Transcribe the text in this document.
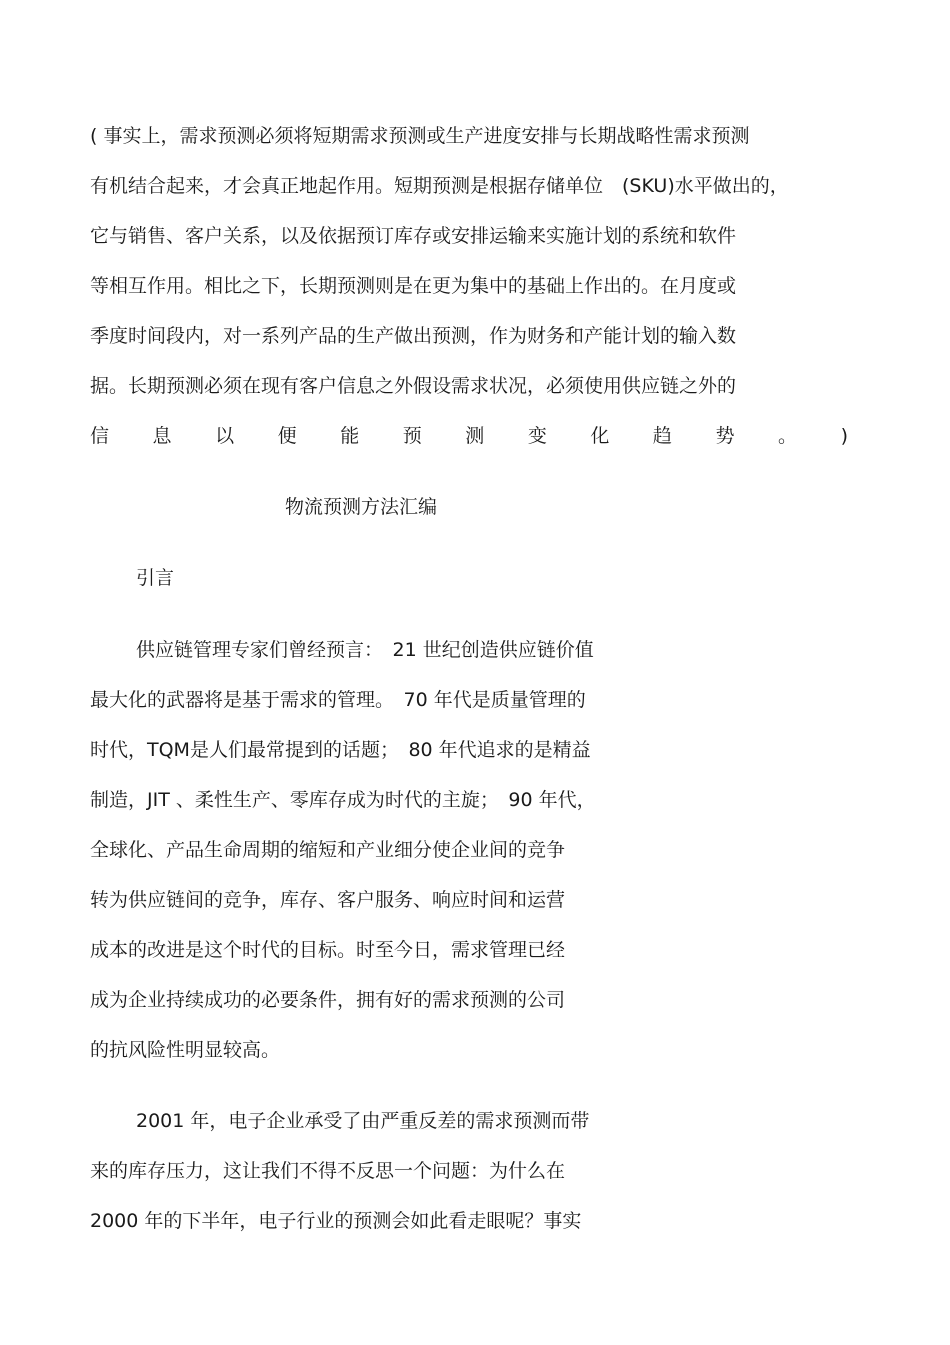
( 事实上，需求预测必须将短期需求预测或生产进度安排与长期战略性需求预测
有机结合起来，才会真正地起作用。短期预测是根据存储单位　(SKU)水平做出的，
它与销售、客户关系，以及依据预订库存或安排运输来实施计划的系统和软件
等相互作用。相比之下，长期预测则是在更为集中的基础上作出的。在月度或
季度时间段内，对一系列产品的生产做出预测，作为财务和产能计划的输入数
据。长期预测必须在现有客户信息之外假设需求状况，必须使用供应链之外的
信 息 以 便 能 预 测 变 化 趋 势 。 )
物流预测方法汇编
引言
供应链管理专家们曾经预言：　21 世纪创造供应链价值
最大化的武器将是基于需求的管理。　70 年代是质量管理的
时代，TQM是人们最常提到的话题；　80 年代追求的是精益
制造，JIT 、柔性生产、零库存成为时代的主旋；　90 年代，
全球化、产品生命周期的缩短和产业细分使企业间的竞争
转为供应链间的竞争，库存、客户服务、响应时间和运营
成本的改进是这个时代的目标。时至今日，需求管理已经
成为企业持续成功的必要条件，拥有好的需求预测的公司
的抗风险性明显较高。
2001 年，电子企业承受了由严重反差的需求预测而带
来的库存压力，这让我们不得不反思一个问题：为什么在
2000 年的下半年，电子行业的预测会如此看走眼呢？事实
